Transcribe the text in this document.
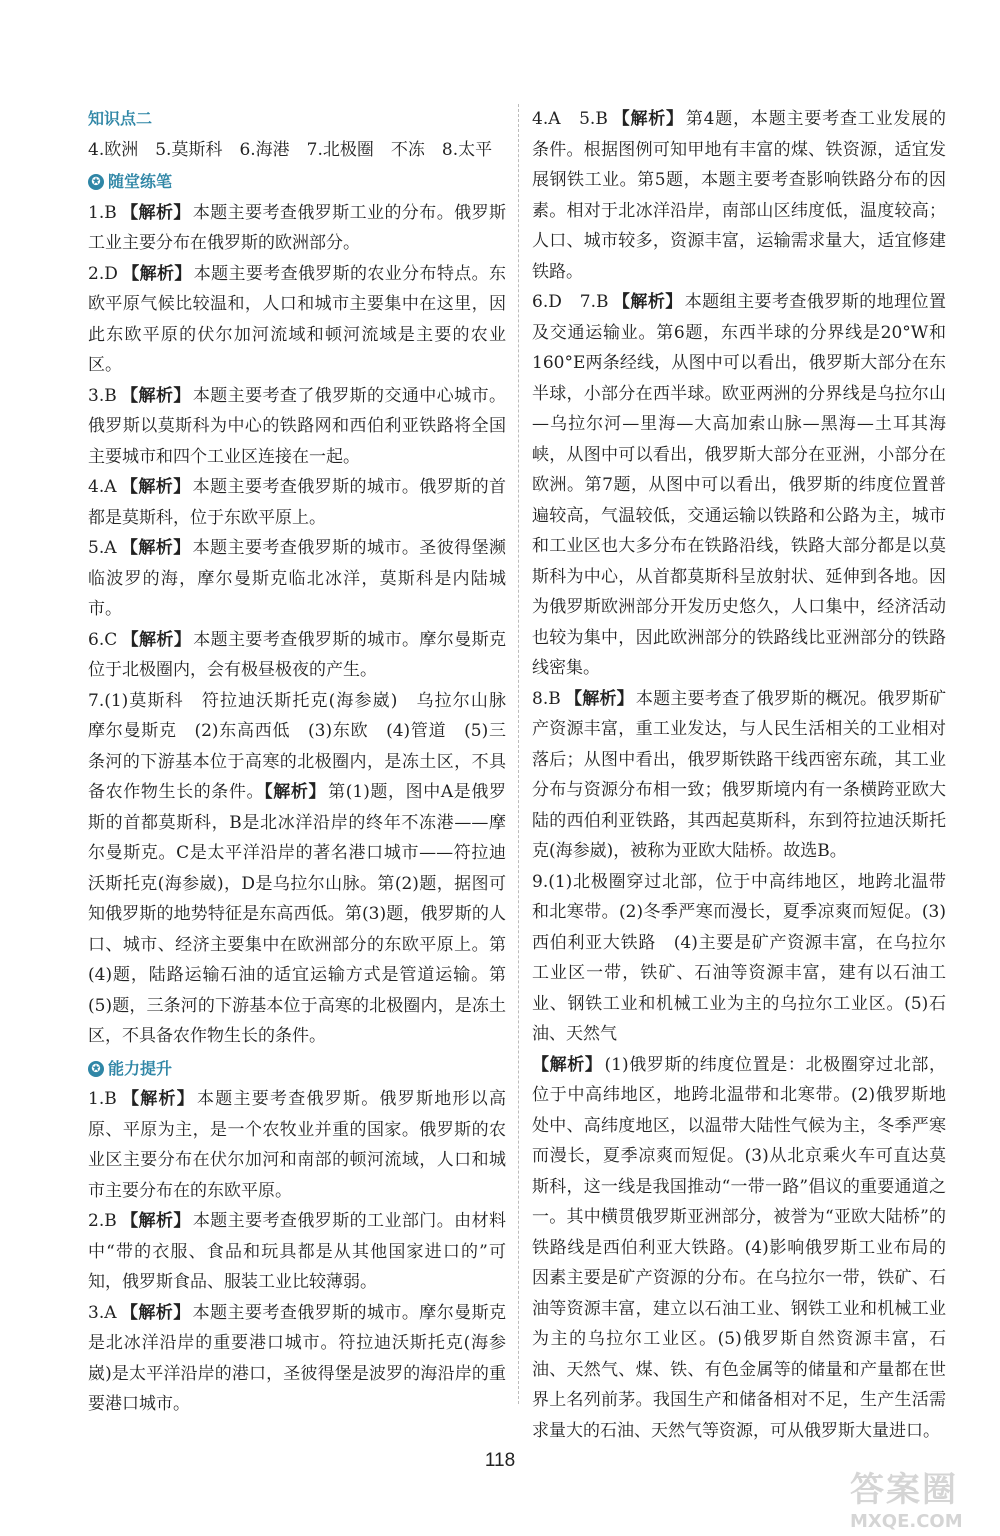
知识点二

4.欧洲　5.莫斯科　6.海港　7.北极圈　不冻　8.太平

✪ 随堂练笔

1.B 【解析】 本题主要考查俄罗斯工业的分布。俄罗斯工业主要分布在俄罗斯的欧洲部分。

2.D 【解析】 本题主要考查俄罗斯的农业分布特点。东欧平原气候比较温和，人口和城市主要集中在这里，因此东欧平原的伏尔加河流域和顿河流域是主要的农业区。

3.B 【解析】 本题主要考查了俄罗斯的交通中心城市。俄罗斯以莫斯科为中心的铁路网和西伯利亚铁路将全国主要城市和四个工业区连接在一起。

4.A 【解析】 本题主要考查俄罗斯的城市。俄罗斯的首都是莫斯科，位于东欧平原上。

5.A 【解析】 本题主要考查俄罗斯的城市。圣彼得堡濒临波罗的海，摩尔曼斯克临北冰洋，莫斯科是内陆城市。

6.C 【解析】 本题主要考查俄罗斯的城市。摩尔曼斯克位于北极圈内，会有极昼极夜的产生。

7.(1)莫斯科　符拉迪沃斯托克(海参崴)　乌拉尔山脉　摩尔曼斯克　(2)东高西低　(3)东欧　(4)管道　(5)三条河的下游基本位于高寒的北极圈内，是冻土区，不具备农作物生长的条件。【解析】 第(1)题，图中A是俄罗斯的首都莫斯科，B是北冰洋沿岸的终年不冻港——摩尔曼斯克。C是太平洋沿岸的著名港口城市——符拉迪沃斯托克(海参崴)，D是乌拉尔山脉。第(2)题，据图可知俄罗斯的地势特征是东高西低。第(3)题，俄罗斯的人口、城市、经济主要集中在欧洲部分的东欧平原上。第(4)题，陆路运输石油的适宜运输方式是管道运输。第(5)题，三条河的下游基本位于高寒的北极圈内，是冻土区，不具备农作物生长的条件。

✪ 能力提升

1.B 【解析】 本题主要考查俄罗斯。俄罗斯地形以高原、平原为主，是一个农牧业并重的国家。俄罗斯的农业区主要分布在伏尔加河和南部的顿河流域，人口和城市主要分布在的东欧平原。

2.B 【解析】 本题主要考查俄罗斯的工业部门。由材料中“带的衣服、食品和玩具都是从其他国家进口的”可知，俄罗斯食品、服装工业比较薄弱。

3.A 【解析】 本题主要考查俄罗斯的城市。摩尔曼斯克是北冰洋沿岸的重要港口城市。符拉迪沃斯托克(海参崴)是太平洋沿岸的港口，圣彼得堡是波罗的海沿岸的重要港口城市。

4.A　5.B 【解析】 第4题，本题主要考查工业发展的条件。根据图例可知甲地有丰富的煤、铁资源，适宜发展钢铁工业。第5题，本题主要考查影响铁路分布的因素。相对于北冰洋沿岸，南部山区纬度低，温度较高；人口、城市较多，资源丰富，运输需求量大，适宜修建铁路。

6.D　7.B 【解析】 本题组主要考查俄罗斯的地理位置及交通运输业。第6题，东西半球的分界线是20°W和160°E两条经线，从图中可以看出，俄罗斯大部分在东半球，小部分在西半球。欧亚两洲的分界线是乌拉尔山—乌拉尔河—里海—大高加索山脉—黑海—土耳其海峡，从图中可以看出，俄罗斯大部分在亚洲，小部分在欧洲。第7题，从图中可以看出，俄罗斯的纬度位置普遍较高，气温较低，交通运输以铁路和公路为主，城市和工业区也大多分布在铁路沿线，铁路大部分都是以莫斯科为中心，从首都莫斯科呈放射状、延伸到各地。因为俄罗斯欧洲部分开发历史悠久，人口集中，经济活动也较为集中，因此欧洲部分的铁路线比亚洲部分的铁路线密集。

8.B 【解析】 本题主要考查了俄罗斯的概况。俄罗斯矿产资源丰富，重工业发达，与人民生活相关的工业相对落后；从图中看出，俄罗斯铁路干线西密东疏，其工业分布与资源分布相一致；俄罗斯境内有一条横跨亚欧大陆的西伯利亚铁路，其西起莫斯科，东到符拉迪沃斯托克(海参崴)，被称为亚欧大陆桥。故选B。

9.(1)北极圈穿过北部，位于中高纬地区，地跨北温带和北寒带。(2)冬季严寒而漫长，夏季凉爽而短促。(3)西伯利亚大铁路　(4)主要是矿产资源丰富，在乌拉尔工业区一带，铁矿、石油等资源丰富，建有以石油工业、钢铁工业和机械工业为主的乌拉尔工业区。(5)石油、天然气

【解析】 (1)俄罗斯的纬度位置是：北极圈穿过北部，位于中高纬地区，地跨北温带和北寒带。(2)俄罗斯地处中、高纬度地区，以温带大陆性气候为主，冬季严寒而漫长，夏季凉爽而短促。(3)从北京乘火车可直达莫斯科，这一线是我国推动“一带一路”倡议的重要通道之一。其中横贯俄罗斯亚洲部分，被誉为“亚欧大陆桥”的铁路线是西伯利亚大铁路。(4)影响俄罗斯工业布局的因素主要是矿产资源的分布。在乌拉尔一带，铁矿、石油等资源丰富，建立以石油工业、钢铁工业和机械工业为主的乌拉尔工业区。(5)俄罗斯自然资源丰富，石油、天然气、煤、铁、有色金属等的储量和产量都在世界上名列前茅。我国生产和储备相对不足，生产生活需求量大的石油、天然气等资源，可从俄罗斯大量进口。

118
答案圈
MXQE.COM
